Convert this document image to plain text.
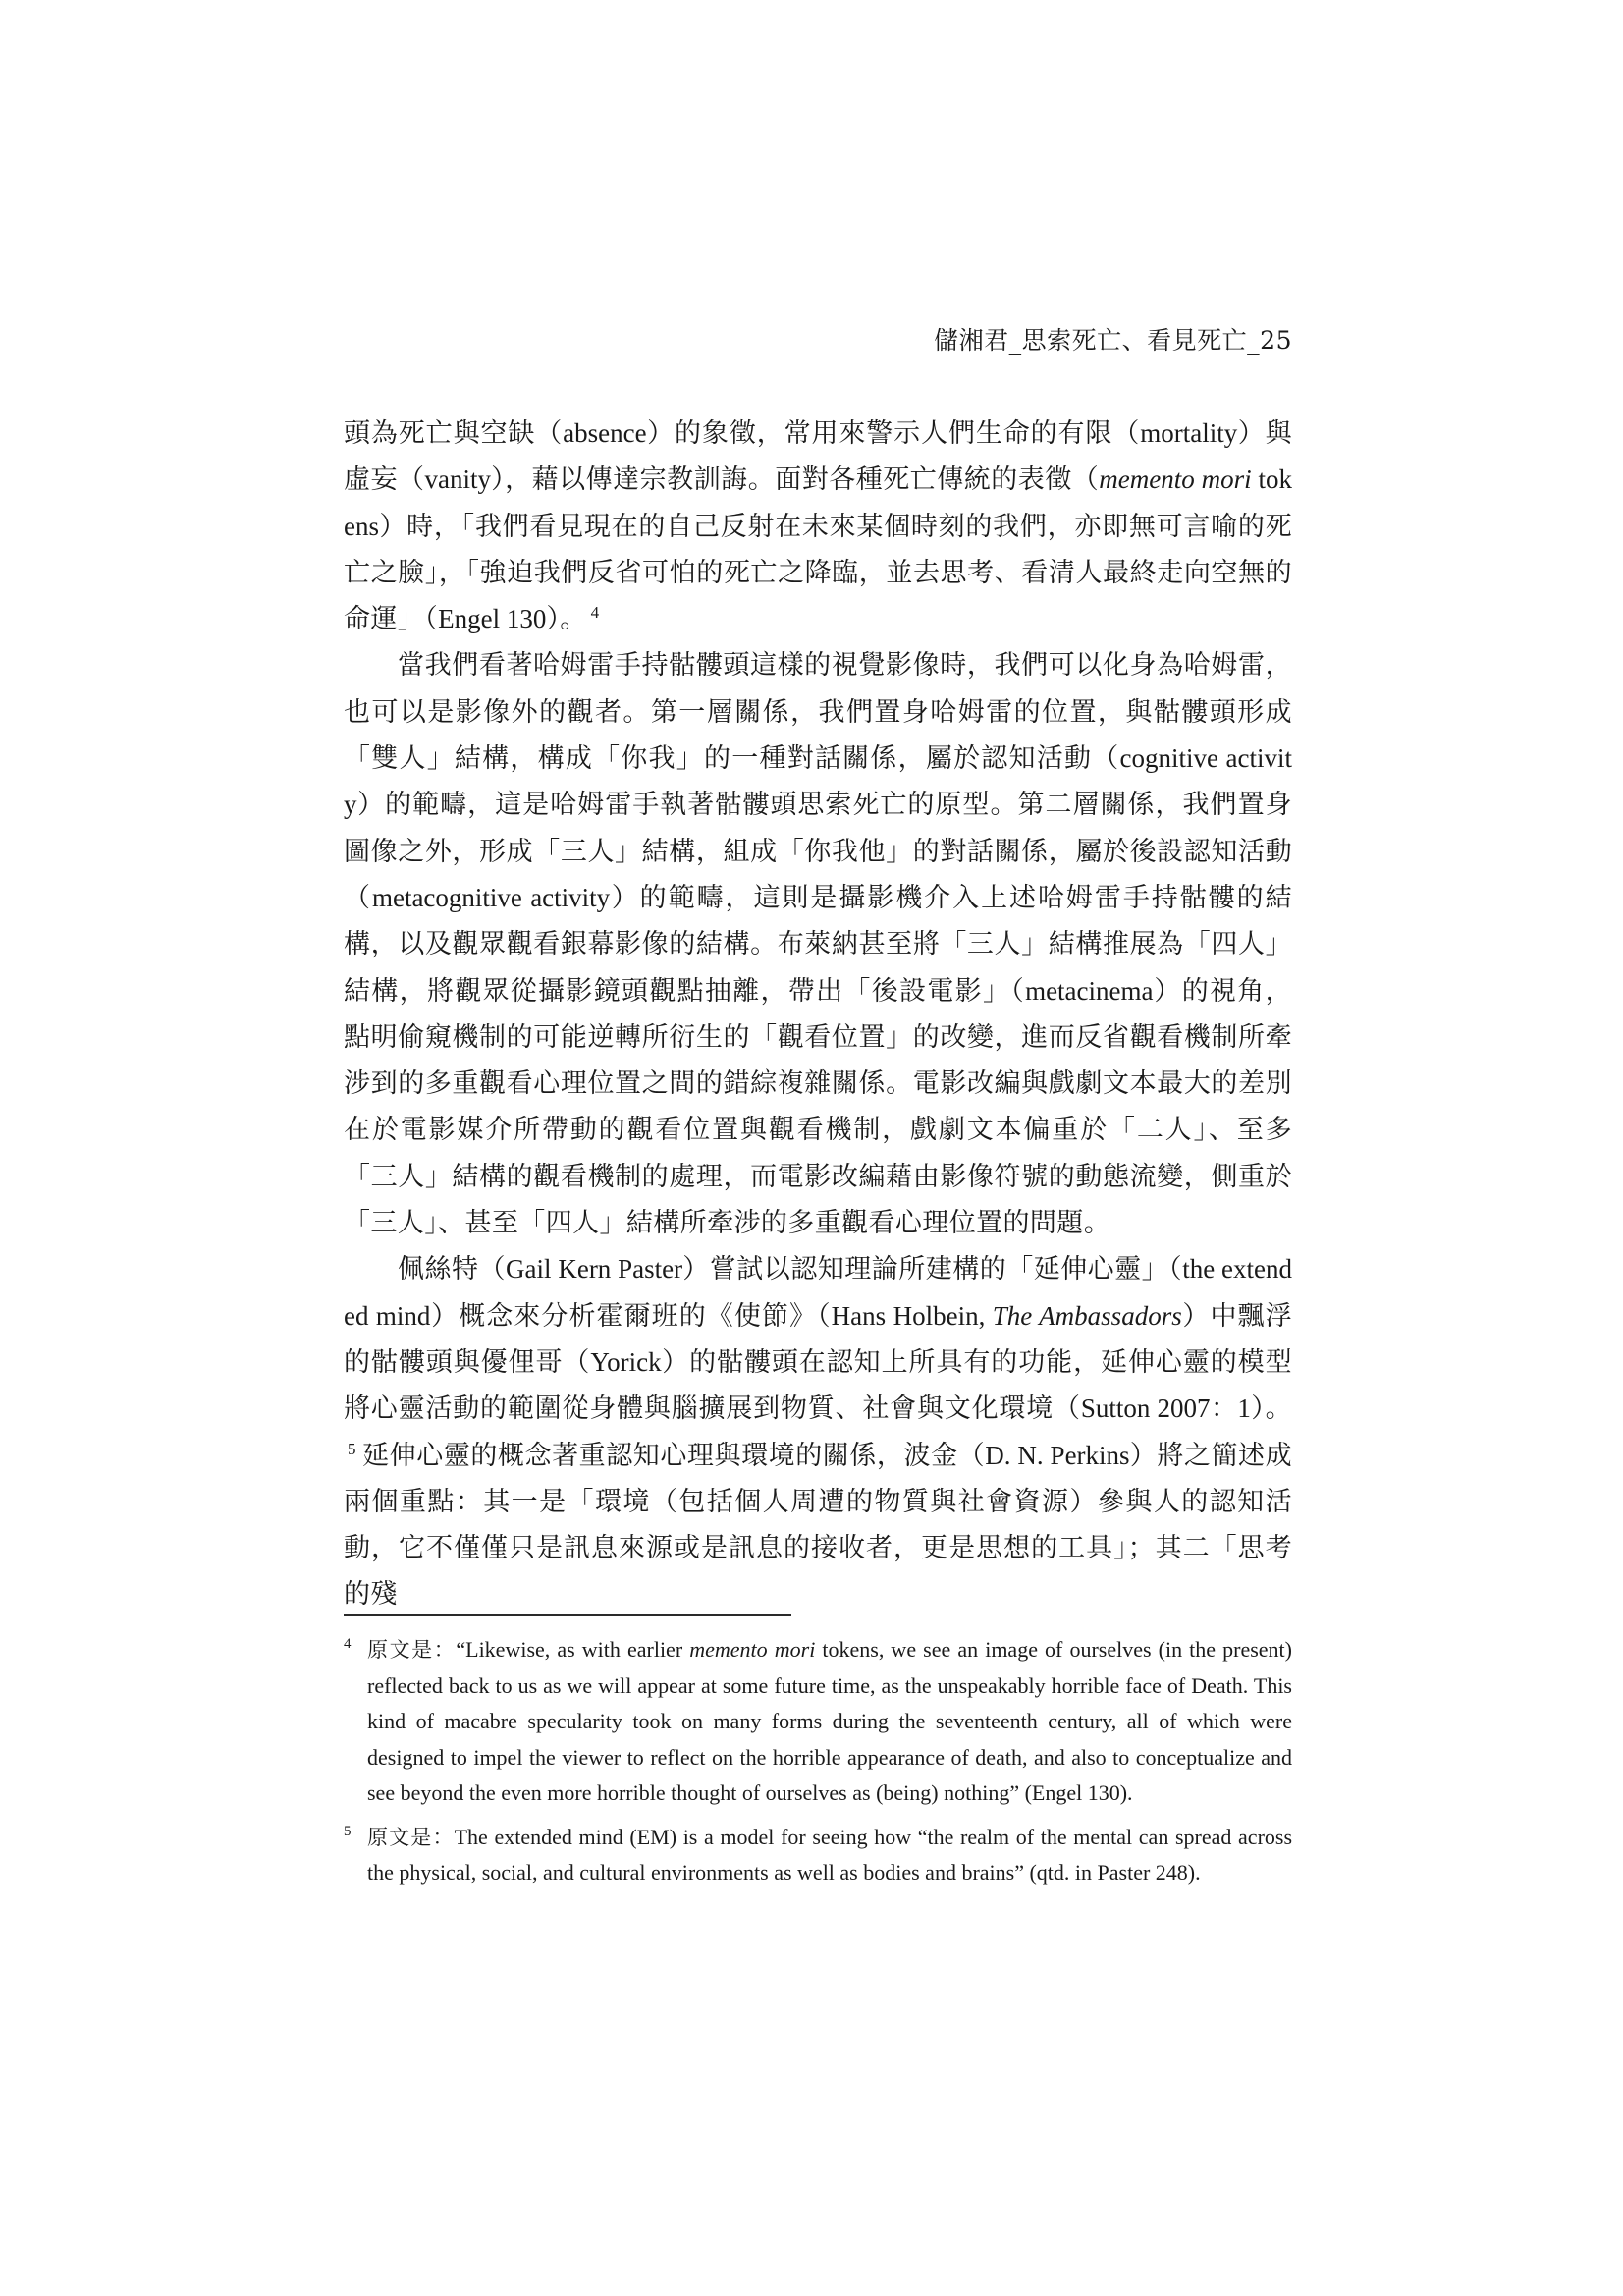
儲湘君_思索死亡、看見死亡_25

頭為死亡與空缺（absence）的象徵，常用來警示人們生命的有限（mortality）與虛妄（vanity），藉以傳達宗教訓誨。面對各種死亡傳統的表徵（memento mori tokens）時，「我們看見現在的自己反射在未來某個時刻的我們，亦即無可言喻的死亡之臉」，「強迫我們反省可怕的死亡之降臨，並去思考、看清人最終走向空無的命運」（Engel 130）。 $^4$

當我們看著哈姆雷手持骷髏頭這樣的視覺影像時，我們可以化身為哈姆雷，也可以是影像外的觀者。第一層關係，我們置身哈姆雷的位置，與骷髏頭形成「雙人」結構，構成「你我」的一種對話關係，屬於認知活動（cognitive activity）的範疇，這是哈姆雷手執著骷髏頭思索死亡的原型。第二層關係，我們置身圖像之外，形成「三人」結構，組成「你我他」的對話關係，屬於後設認知活動（metacognitive activity）的範疇，這則是攝影機介入上述哈姆雷手持骷髏的結構，以及觀眾觀看銀幕影像的結構。布萊納甚至將「三人」結構推展為「四人」結構，將觀眾從攝影鏡頭觀點抽離，帶出「後設電影」（metacinema）的視角，點明偷窺機制的可能逆轉所衍生的「觀看位置」的改變，進而反省觀看機制所牽涉到的多重觀看心理位置之間的錯綜複雜關係。電影改編與戲劇文本最大的差別在於電影媒介所帶動的觀看位置與觀看機制，戲劇文本偏重於「二人」、至多「三人」結構的觀看機制的處理，而電影改編藉由影像符號的動態流變，側重於「三人」、甚至「四人」結構所牽涉的多重觀看心理位置的問題。

佩絲特（Gail Kern Paster）嘗試以認知理論所建構的「延伸心靈」（the extended mind）概念來分析霍爾班的《使節》（Hans Holbein, The Ambassadors）中飄浮的骷髏頭與優俚哥（Yorick）的骷髏頭在認知上所具有的功能，延伸心靈的模型將心靈活動的範圍從身體與腦擴展到物質、社會與文化環境（Sutton 2007：1）。$^5$ 延伸心靈的概念著重認知心理與環境的關係，波金（D. N. Perkins）將之簡述成兩個重點：其一是「環境（包括個人周遭的物質與社會資源）參與人的認知活動，它不僅僅只是訊息來源或是訊息的接收者，更是思想的工具」；其二「思考的殘

4 原文是：“Likewise, as with earlier memento mori tokens, we see an image of ourselves (in the present) reflected back to us as we will appear at some future time, as the unspeakably horrible face of Death. This kind of macabre specularity took on many forms during the seventeenth century, all of which were designed to impel the viewer to reflect on the horrible appearance of death, and also to conceptualize and see beyond the even more horrible thought of ourselves as (being) nothing” (Engel 130).

5 原文是：The extended mind (EM) is a model for seeing how “the realm of the mental can spread across the physical, social, and cultural environments as well as bodies and brains” (qtd. in Paster 248).
